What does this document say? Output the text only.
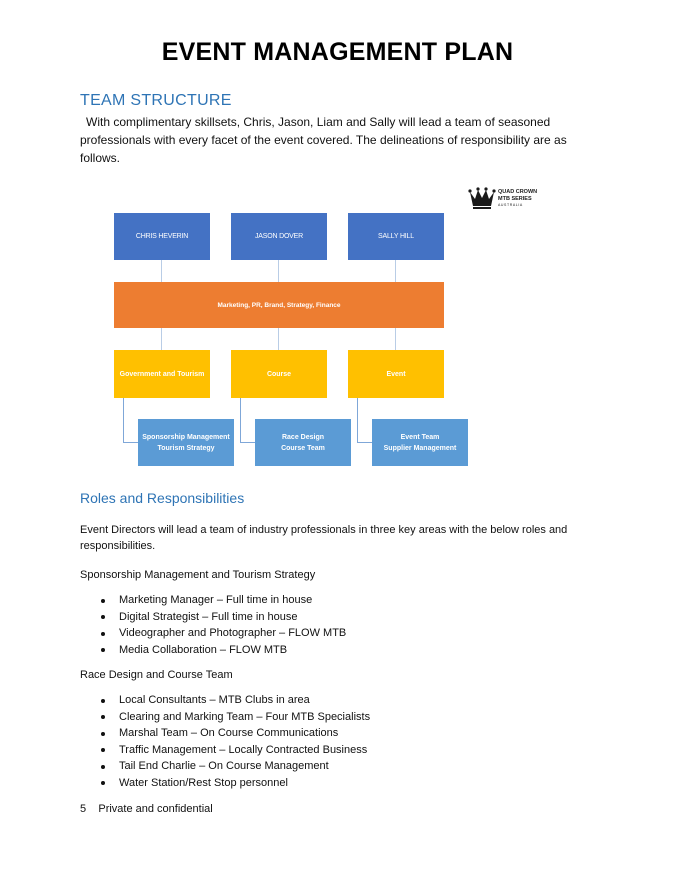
EVENT MANAGEMENT PLAN
TEAM STRUCTURE
With complimentary skillsets, Chris, Jason, Liam and Sally will lead a team of seasoned professionals with every facet of the event covered. The delineations of responsibility are as follows.
QUAD CROWN
MTB SERIES
AUSTRALIA
CHRIS HEVERIN	JASON DOVER	SALLY HILL
Marketing, PR, Brand, Strategy, Finance
Government and Tourism	Course	Event
Sponsorship Management
Tourism Strategy
Race Design
Course Team
Event Team
Supplier Management
Roles and Responsibilities
Event Directors will lead a team of industry professionals in three key areas with the below roles and responsibilities.
Sponsorship Management and Tourism Strategy
Marketing Manager – Full time in house
Digital Strategist – Full time in house
Videographer and Photographer – FLOW MTB
Media Collaboration – FLOW MTB
Race Design and Course Team
Local Consultants – MTB Clubs in area
Clearing and Marking Team – Four MTB Specialists
Marshal Team – On Course Communications
Traffic Management – Locally Contracted Business
Tail End Charlie – On Course Management
Water Station/Rest Stop personnel
5 Private and confidential
